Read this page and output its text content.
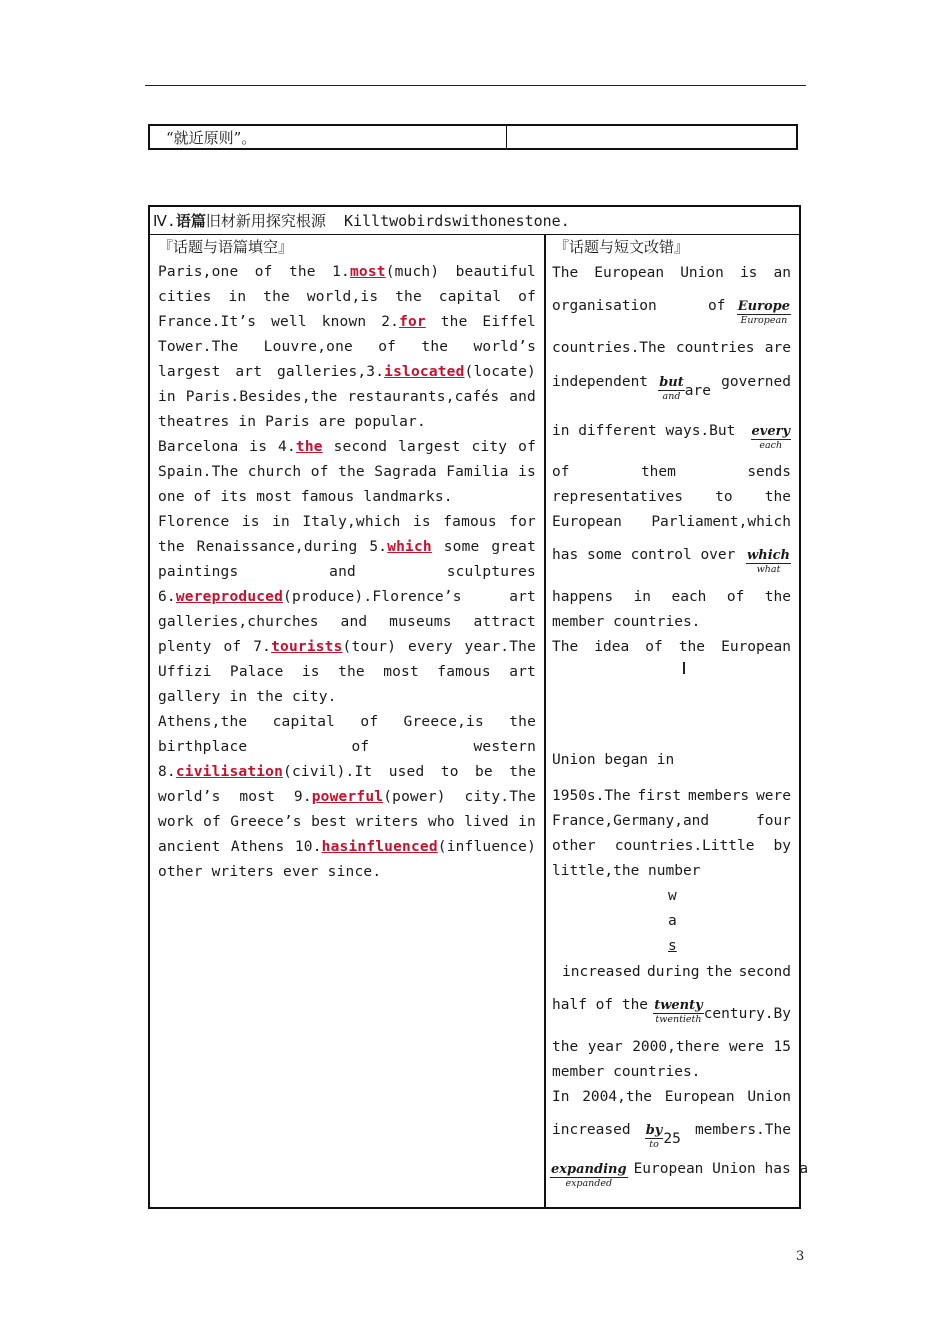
“就近原则”。
Ⅳ.语篇旧材新用探究根源 Killtwobirdswithonestone.
『话题与语篇填空』
Paris,one of the 1.most(much) beautiful cities in the world,is the capital of France.It’s well known 2.for the Eiffel Tower.The Louvre,one of the world’s largest art galleries,3.islocated(locate) in Paris.Besides,the restaurants,cafés and theatres in Paris are popular.
Barcelona is 4.the second largest city of Spain.The church of the Sagrada Familia is one of its most famous landmarks.
Florence is in Italy,which is famous for the Renaissance,during 5.which some great paintings and sculptures 6.wereproduced(produce).Florence’s art galleries,churches and museums attract plenty of 7.tourists(tour) every year.The Uffizi Palace is the most famous art gallery in the city.
Athens,the capital of Greece,is the birthplace of western 8.civilisation(civil).It used to be the world’s most 9.powerful(power) city.The work of Greece’s best writers who lived in ancient Athens 10.hasinfluenced(influence) other writers ever since.
『话题与短文改错』
The European Union is an
organisation	of Europe
European
countries.The countries are
independent but
and are
governed
in different ways.But every
each
of	them	sends
representatives to the
European Parliament,which
has some control over which
what
happens in each of the
member countries.
The idea of the European
Union began in
1950s.The first members were
France,Germany,and	four
other countries.Little by
little,the number
w
a
s
increased during the second
half of the twenty
twentieth century.By
the year 2000,there were 15
member countries.
In 2004,the European Union
increased by
to 25
members.The
expanding
expanded
European Union has a
3
